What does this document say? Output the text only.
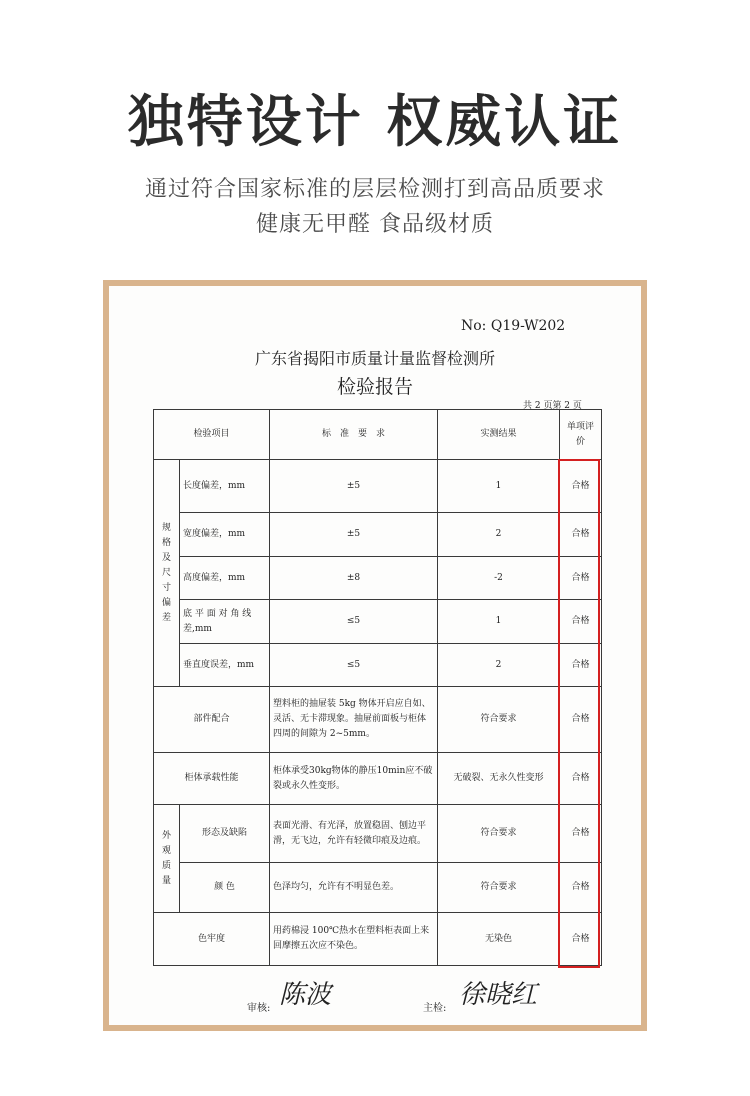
独特设计 权威认证
通过符合国家标准的层层检测打到高品质要求
健康无甲醛 食品级材质
No: Q19-W202
广东省揭阳市质量计量监督检测所
检验报告
共 2 页第 2 页
检验项目		标　准　要　求	实测结果	单项评价
规格及尺寸偏差	长度偏差，mm	±5	1	合格
	宽度偏差，mm	±5	2	合格
	高度偏差，mm	±8	-2	合格
	底 平 面 对 角 线 差,mm	≤5	1	合格
	垂直度误差，mm	≤5	2	合格
部件配合		塑料柜的抽屉装 5kg 物体开启应自如、灵活、无卡滞现象。抽屉前面板与柜体四周的间隙为 2~5mm。	符合要求	合格
柜体承载性能		柜体承受30kg物体的静压10min应不破裂或永久性变形。	无破裂、无永久性变形	合格
外观质量	形态及缺陷	表面光滑、有光泽，放置稳固、刨边平滑，无飞边，允许有轻微印痕及边痕。	符合要求	合格
	颜 色	色泽均匀，允许有不明显色差。	符合要求	合格
色牢度		用药棉浸 100℃热水在塑料柜表面上来回摩擦五次应不染色。	无染色	合格
审核: 陈波	主检: 徐晓红
